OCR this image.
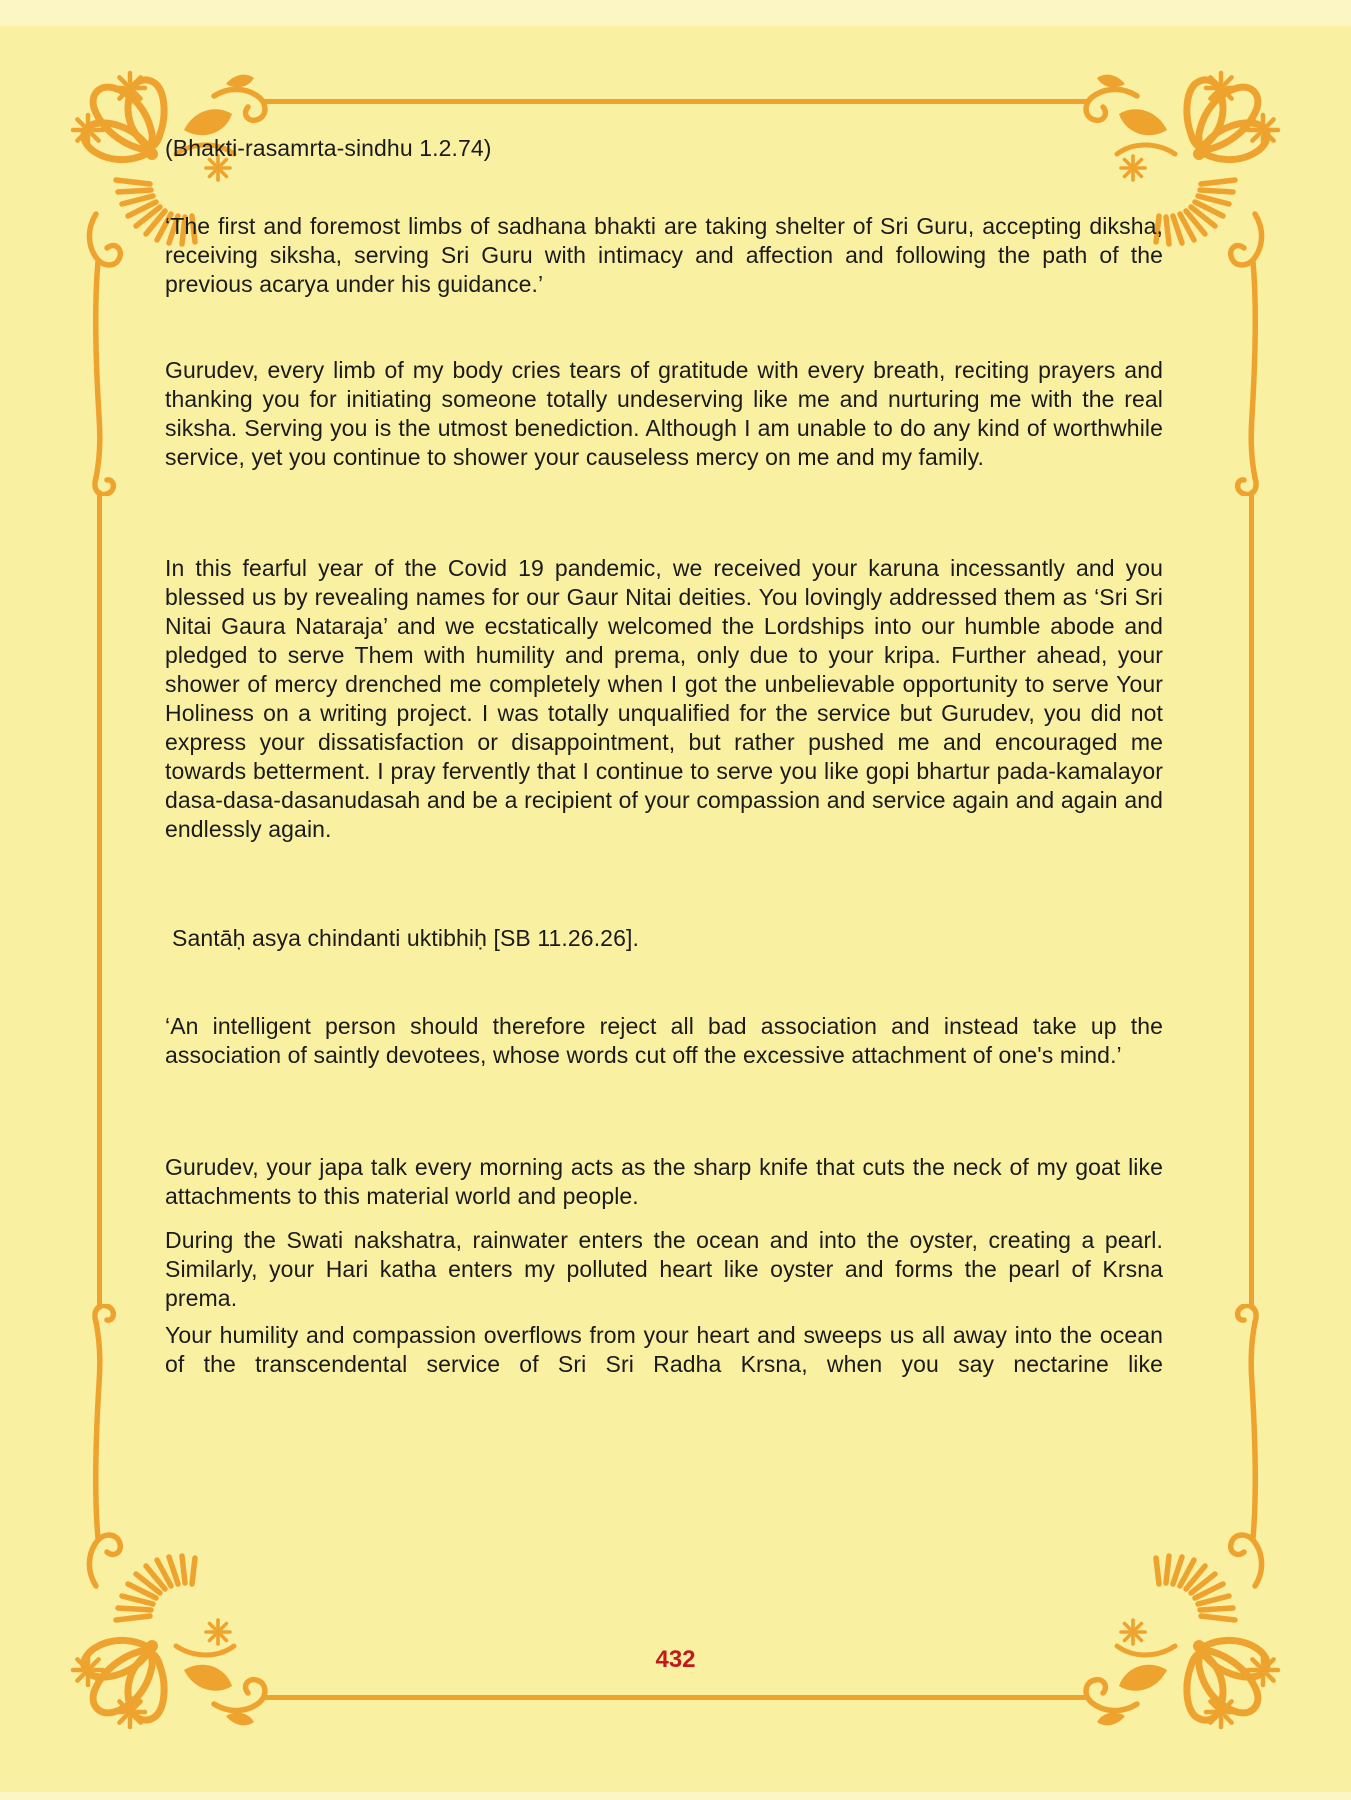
(Bhakti-rasamrta-sindhu 1.2.74)

‘The first and foremost limbs of sadhana bhakti are taking shelter of Sri Guru, accepting diksha, receiving siksha, serving Sri Guru with intimacy and affection and following the path of the previous acarya under his guidance.’

Gurudev, every limb of my body cries tears of gratitude with every breath, reciting prayers and thanking you for initiating someone totally undeserving like me and nurturing me with the real siksha. Serving you is the utmost benediction. Although I am unable to do any kind of worthwhile service, yet you continue to shower your causeless mercy on me and my family.

In this fearful year of the Covid 19 pandemic, we received your karuna incessantly and you blessed us by revealing names for our Gaur Nitai deities. You lovingly addressed them as ‘Sri Sri Nitai Gaura Nataraja’ and we ecstatically welcomed the Lordships into our humble abode and pledged to serve Them with humility and prema, only due to your kripa. Further ahead, your shower of mercy drenched me completely when I got the unbelievable opportunity to serve Your Holiness on a writing project. I was totally unqualified for the service but Gurudev, you did not express your dissatisfaction or disappointment, but rather pushed me and encouraged me towards betterment. I pray fervently that I continue to serve you like gopi bhartur pada-kamalayor dasa-dasa-dasanudasah and be a recipient of your compassion and service again and again and endlessly again.

Santāḥ asya chindanti uktibhiḥ [SB 11.26.26].

‘An intelligent person should therefore reject all bad association and instead take up the association of saintly devotees, whose words cut off the excessive attachment of one's mind.’

Gurudev, your japa talk every morning acts as the sharp knife that cuts the neck of my goat like attachments to this material world and people.

During the Swati nakshatra, rainwater enters the ocean and into the oyster, creating a pearl. Similarly, your Hari katha enters my polluted heart like oyster and forms the pearl of Krsna prema.

Your humility and compassion overflows from your heart and sweeps us all away into the ocean of the transcendental service of Sri Sri Radha Krsna, when you say nectarine like

432
